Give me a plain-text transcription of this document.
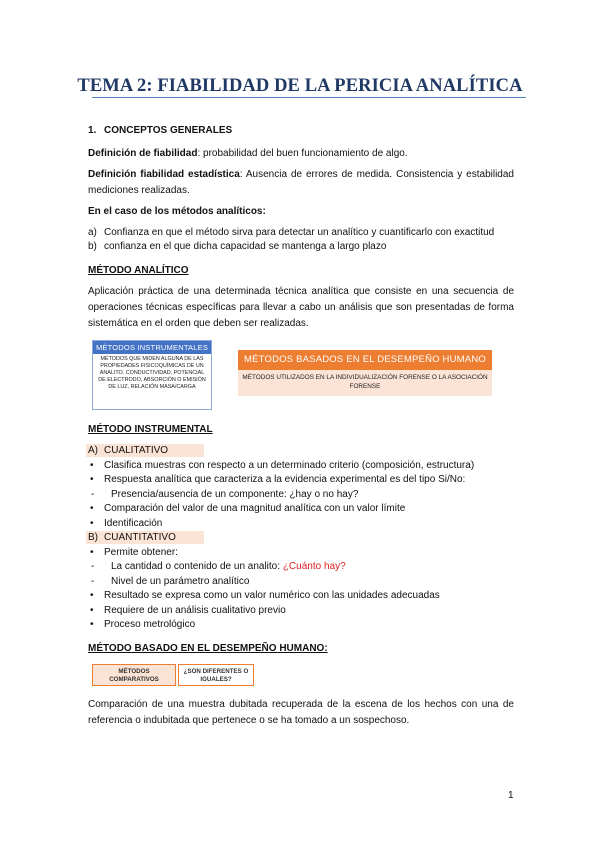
TEMA 2: FIABILIDAD DE LA PERICIA ANALÍTICA
1. CONCEPTOS GENERALES
Definición de fiabilidad: probabilidad del buen funcionamiento de algo.
Definición fiabilidad estadística: Ausencia de errores de medida. Consistencia y estabilidad mediciones realizadas.
En el caso de los métodos analíticos:
a) Confianza en que el método sirva para detectar un analítico y cuantificarlo con exactitud
b) confianza en el que dicha capacidad se mantenga a largo plazo
MÉTODO ANALÍTICO
Aplicación práctica de una determinada técnica analítica que consiste en una secuencia de operaciones técnicas específicas para llevar a cabo un análisis que son presentadas de forma sistemática en el orden que deben ser realizadas.
MÉTODOS INSTRUMENTALES
MÉTODOS QUE MIDEN ALGUNA DE LAS PROPIEDADES FISICOQUÍMICAS DE UN ANALITO. CONDUCTIVIDAD, POTENCIAL DE ELECTRODO, ABSORCIÓN O EMISIÓN DE LUZ, RELACIÓN MASA/CARGA
MÉTODOS BASADOS EN EL DESEMPEÑO HUMANO
MÉTODOS UTILIZADOS EN LA INDIVIDUALIZACIÓN FORENSE O LA ASOCIACIÓN FORENSE
MÉTODO INSTRUMENTAL
A) CUALITATIVO
• Clasifica muestras con respecto a un determinado criterio (composición, estructura)
• Respuesta analítica que caracteriza a la evidencia experimental es del tipo Si/No:
- Presencia/ausencia de un componente: ¿hay o no hay?
• Comparación del valor de una magnitud analítica con un valor límite
• Identificación
B) CUANTITATIVO
• Permite obtener:
- La cantidad o contenido de un analito: ¿Cuánto hay?
- Nivel de un parámetro analítico
• Resultado se expresa como un valor numérico con las unidades adecuadas
• Requiere de un análisis cualitativo previo
• Proceso metrológico
MÉTODO BASADO EN EL DESEMPEÑO HUMANO:
MÉTODOS COMPARATIVOS
¿SON DIFERENTES O IGUALES?
Comparación de una muestra dubitada recuperada de la escena de los hechos con una de referencia o indubitada que pertenece o se ha tomado a un sospechoso.
1
